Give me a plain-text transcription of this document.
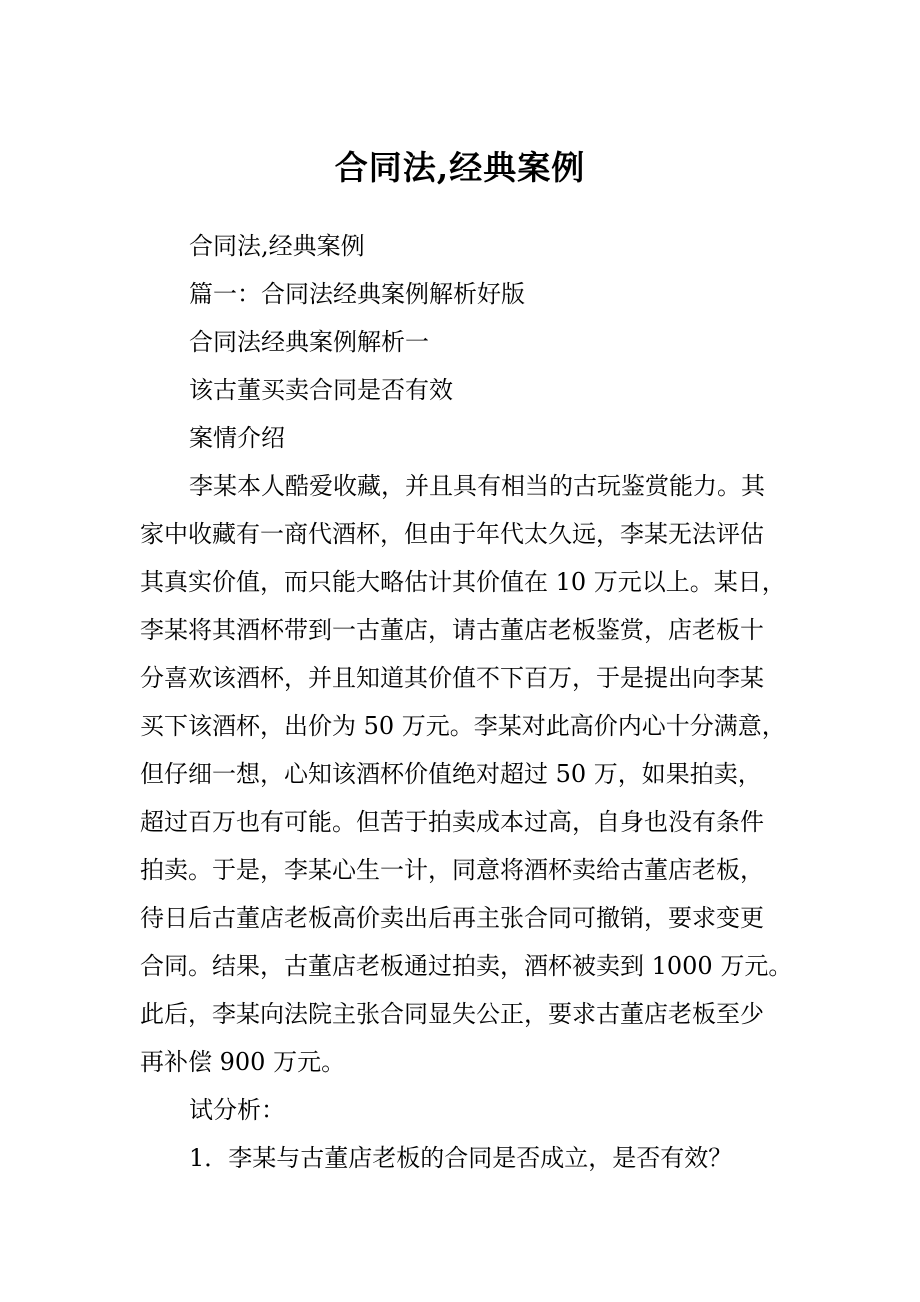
合同法,经典案例
合同法,经典案例
篇一：合同法经典案例解析好版
合同法经典案例解析一
该古董买卖合同是否有效
案情介绍
李某本人酷爱收藏，并且具有相当的古玩鉴赏能力。其
家中收藏有一商代酒杯，但由于年代太久远，李某无法评估
其真实价值，而只能大略估计其价值在 10 万元以上。某日，
李某将其酒杯带到一古董店，请古董店老板鉴赏，店老板十
分喜欢该酒杯，并且知道其价值不下百万，于是提出向李某
买下该酒杯，出价为 50 万元。李某对此高价内心十分满意，
但仔细一想，心知该酒杯价值绝对超过 50 万，如果拍卖，
超过百万也有可能。但苦于拍卖成本过高，自身也没有条件
拍卖。于是，李某心生一计，同意将酒杯卖给古董店老板，
待日后古董店老板高价卖出后再主张合同可撤销，要求变更
合同。结果，古董店老板通过拍卖，酒杯被卖到 1000 万元。
此后，李某向法院主张合同显失公正，要求古董店老板至少
再补偿 900 万元。
试分析：
1．李某与古董店老板的合同是否成立，是否有效？
